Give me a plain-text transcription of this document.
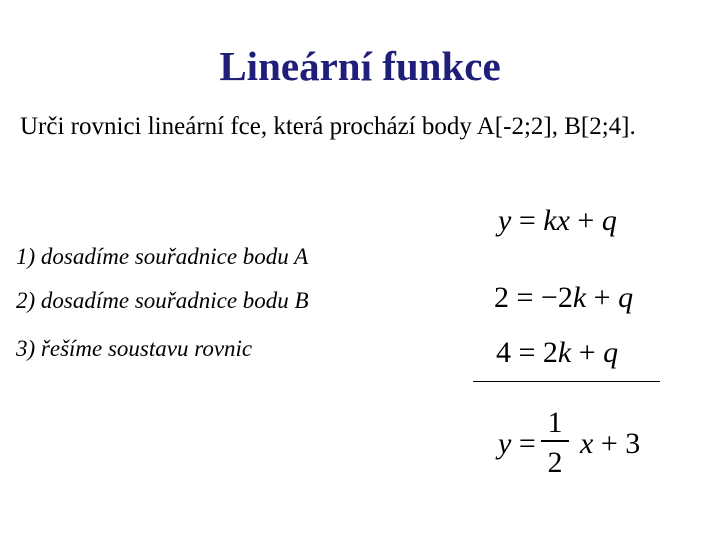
Lineární funkce
Urči rovnici lineární fce, která prochází body A[-2;2], B[2;4].
1) dosadíme souřadnice bodu A
2) dosadíme souřadnice bodu B
3) řešíme soustavu rovnic
y = kx + q
2 = −2k + q
4 = 2k + q
y =
1
2
x + 3
